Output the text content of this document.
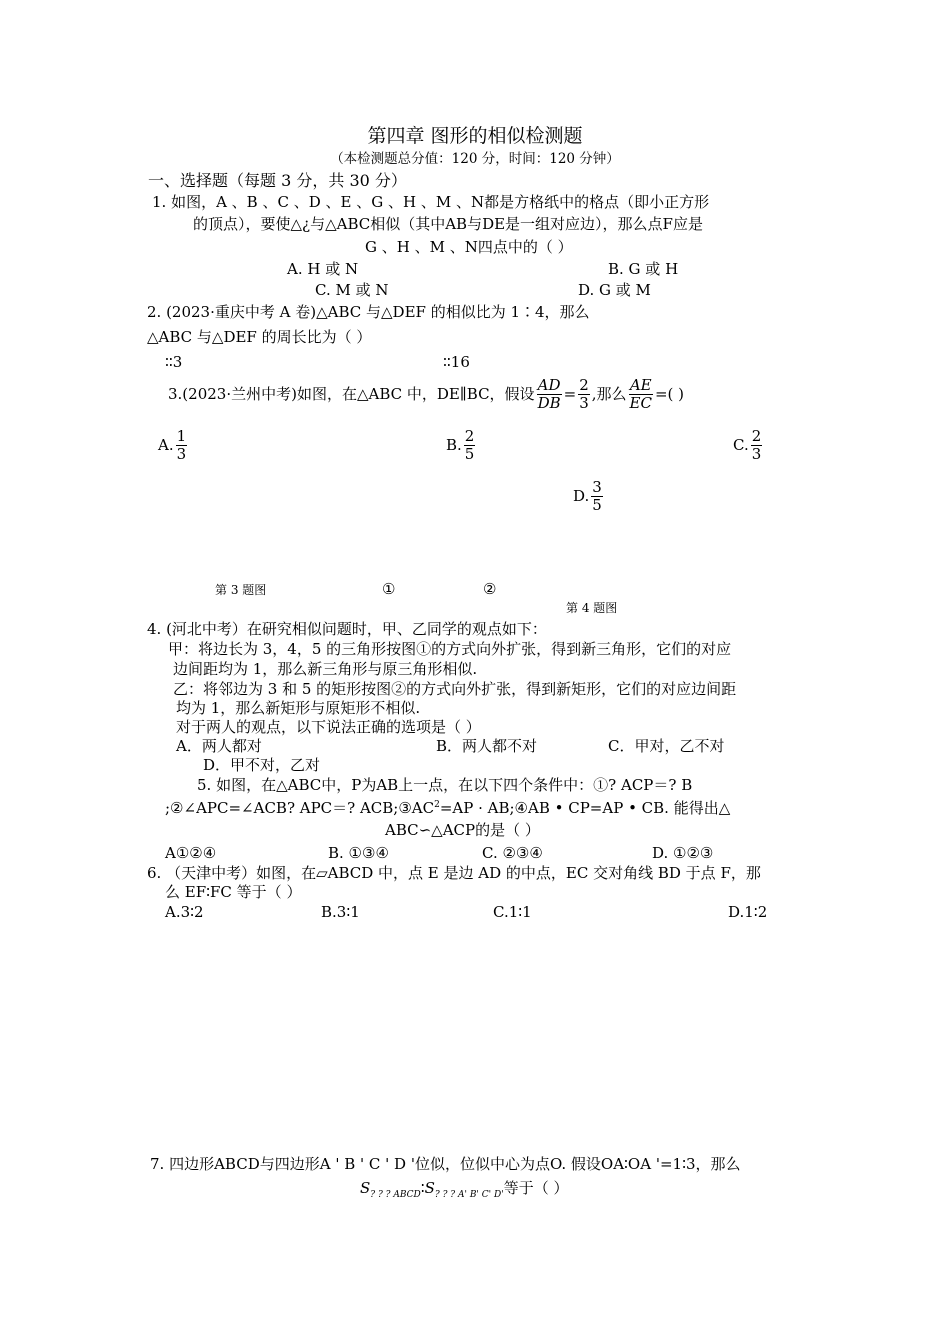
第四章 图形的相似检测题
（本检测题总分值：120 分，时间：120 分钟）
一、选择题（每题 3 分，共 30 分）
1. 如图，A 、B 、C 、D 、E 、G 、H 、M 、N都是方格纸中的格点（即小正方形
的顶点），要使△¿与△ABC相似（其中AB与DE是一组对应边），那么点F应是
G 、H 、M 、N四点中的（ ）
A. H 或 N	B. G 或 H
C. M 或 N	D. G 或 M
2. (2023·重庆中考 A 卷)△ABC 与△DEF 的相似比为 1∶4，那么
△ABC 与△DEF 的周长比为（ ）
∶∶3	∶∶16
3.(2023·兰州中考)如图，在△ABC 中，DE∥BC，假设 $\frac{AD}{DB} = \frac{2}{3}$ ,那么 $\frac{AE}{EC}$ =( )
A. $\frac{1}{3}$	B. $\frac{2}{5}$	C. $\frac{2}{3}$
D. $\frac{3}{5}$
第 3 题图	①	②
第 4 题图
4. (河北中考）在研究相似问题时，甲、乙同学的观点如下：
甲：将边长为 3，4，5 的三角形按图①的方式向外扩张，得到新三角形，它们的对应
边间距均为 1，那么新三角形与原三角形相似.
乙：将邻边为 3 和 5 的矩形按图②的方式向外扩张，得到新矩形，它们的对应边间距
均为 1，那么新矩形与原矩形不相似.
对于两人的观点，以下说法正确的选项是（ ）
A．两人都对	B．两人都不对	C．甲对，乙不对
D．甲不对，乙对
5. 如图，在△ABC中，P为AB上一点，在以下四个条件中：①? ACP＝? B
;②∠APC=∠ACB? APC＝? $ACB;③AC^2=AP$ · AB;④AB • CP=AP • CB. 能得出△
ABC∽△ACP的是（ ）
A①②④	B. ①③④	C. ②③④	D. ①②③
6. （天津中考）如图，在▱ABCD 中，点 E 是边 AD 的中点，EC 交对角线 BD 于点 F，那
么 EF∶FC 等于（ ）
A.3∶2	B.3∶1	C.1∶1	D.1∶2
7. 四边形ABCD与四边形A ' B ' C ' D '位似，位似中心为点O. 假设OA∶OA '=1∶3，那么
$S_{? ? ? ABCD}∶S_{? ? ? A' B' C' D'}$等于（ ）
